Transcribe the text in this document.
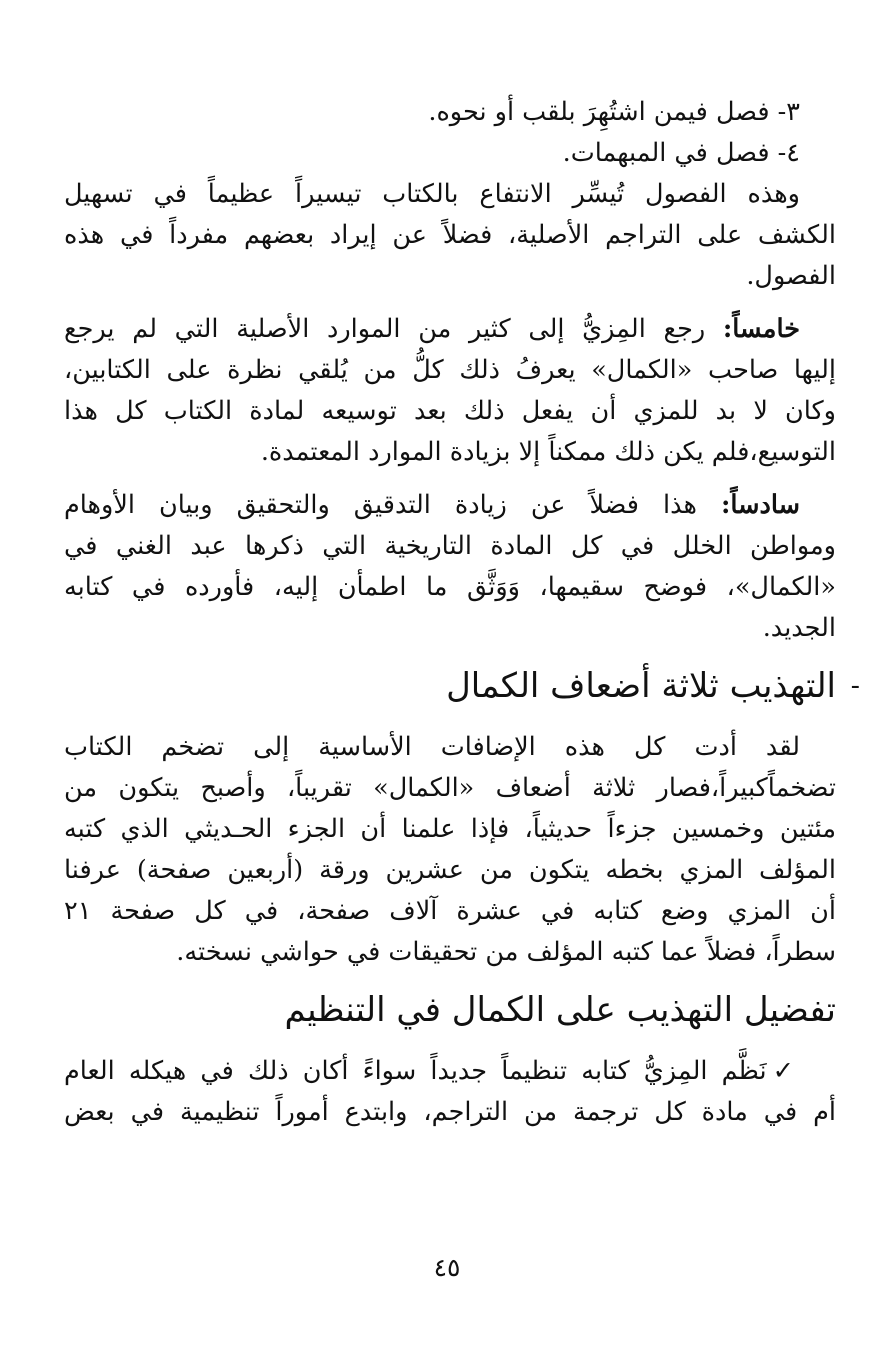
٣- فصل فيمن اشتُهِرَ بلقب أو نحوه.

٤- فصل في المبهمات.

وهذه الفصول تُيسِّر الانتفاع بالكتاب تيسيراً عظيماً في تسهيل

الكشف على التراجم الأصلية، فضلاً عن إيراد بعضهم مفرداً في هذه

الفصول.

خامساً: رجع المِزيُّ إلى كثير من الموارد الأصلية التي لم يرجع

إليها صاحب «الكمال» يعرفُ ذلك كلُّ من يُلقي نظرة على الكتابين،

وكان لا بد للمزي أن يفعل ذلك بعد توسيعه لمادة الكتاب كل هذا

التوسيع،فلم يكن ذلك ممكناً إلا بزيادة الموارد المعتمدة.

سادساً: هذا فضلاً عن زيادة التدقيق والتحقيق وبيان الأوهام

ومواطن الخلل في كل المادة التاريخية التي ذكرها عبد الغني في

«الكمال»، فوضح سقيمها، وَوَثَّق ما اطمأن إليه، فأورده في كتابه

الجديد.

-
التهذيب ثلاثة أضعاف الكمال

لقد أدت كل هذه الإضافات الأساسية إلى تضخم الكتاب

تضخماًكبيراً،فصار ثلاثة أضعاف «الكمال» تقريباً، وأصبح يتكون من

مئتين وخمسين جزءاً حديثياً، فإذا علمنا أن الجزء الحـديثي الذي كتبه

المؤلف المزي بخطه يتكون من عشرين ورقة (أربعين صفحة) عرفنا

أن المزي وضع كتابه في عشرة آلاف صفحة، في كل صفحة ٢١

سطراً، فضلاً عما كتبه المؤلف من تحقيقات في حواشي نسخته.

تفضيل التهذيب على الكمال في التنظيم

✓نَظَّم المِزيُّ كتابه تنظيماً جديداً سواءً أكان ذلك في هيكله العام

أم في مادة كل ترجمة من التراجم، وابتدع أموراً تنظيمية في بعض

٤٥
